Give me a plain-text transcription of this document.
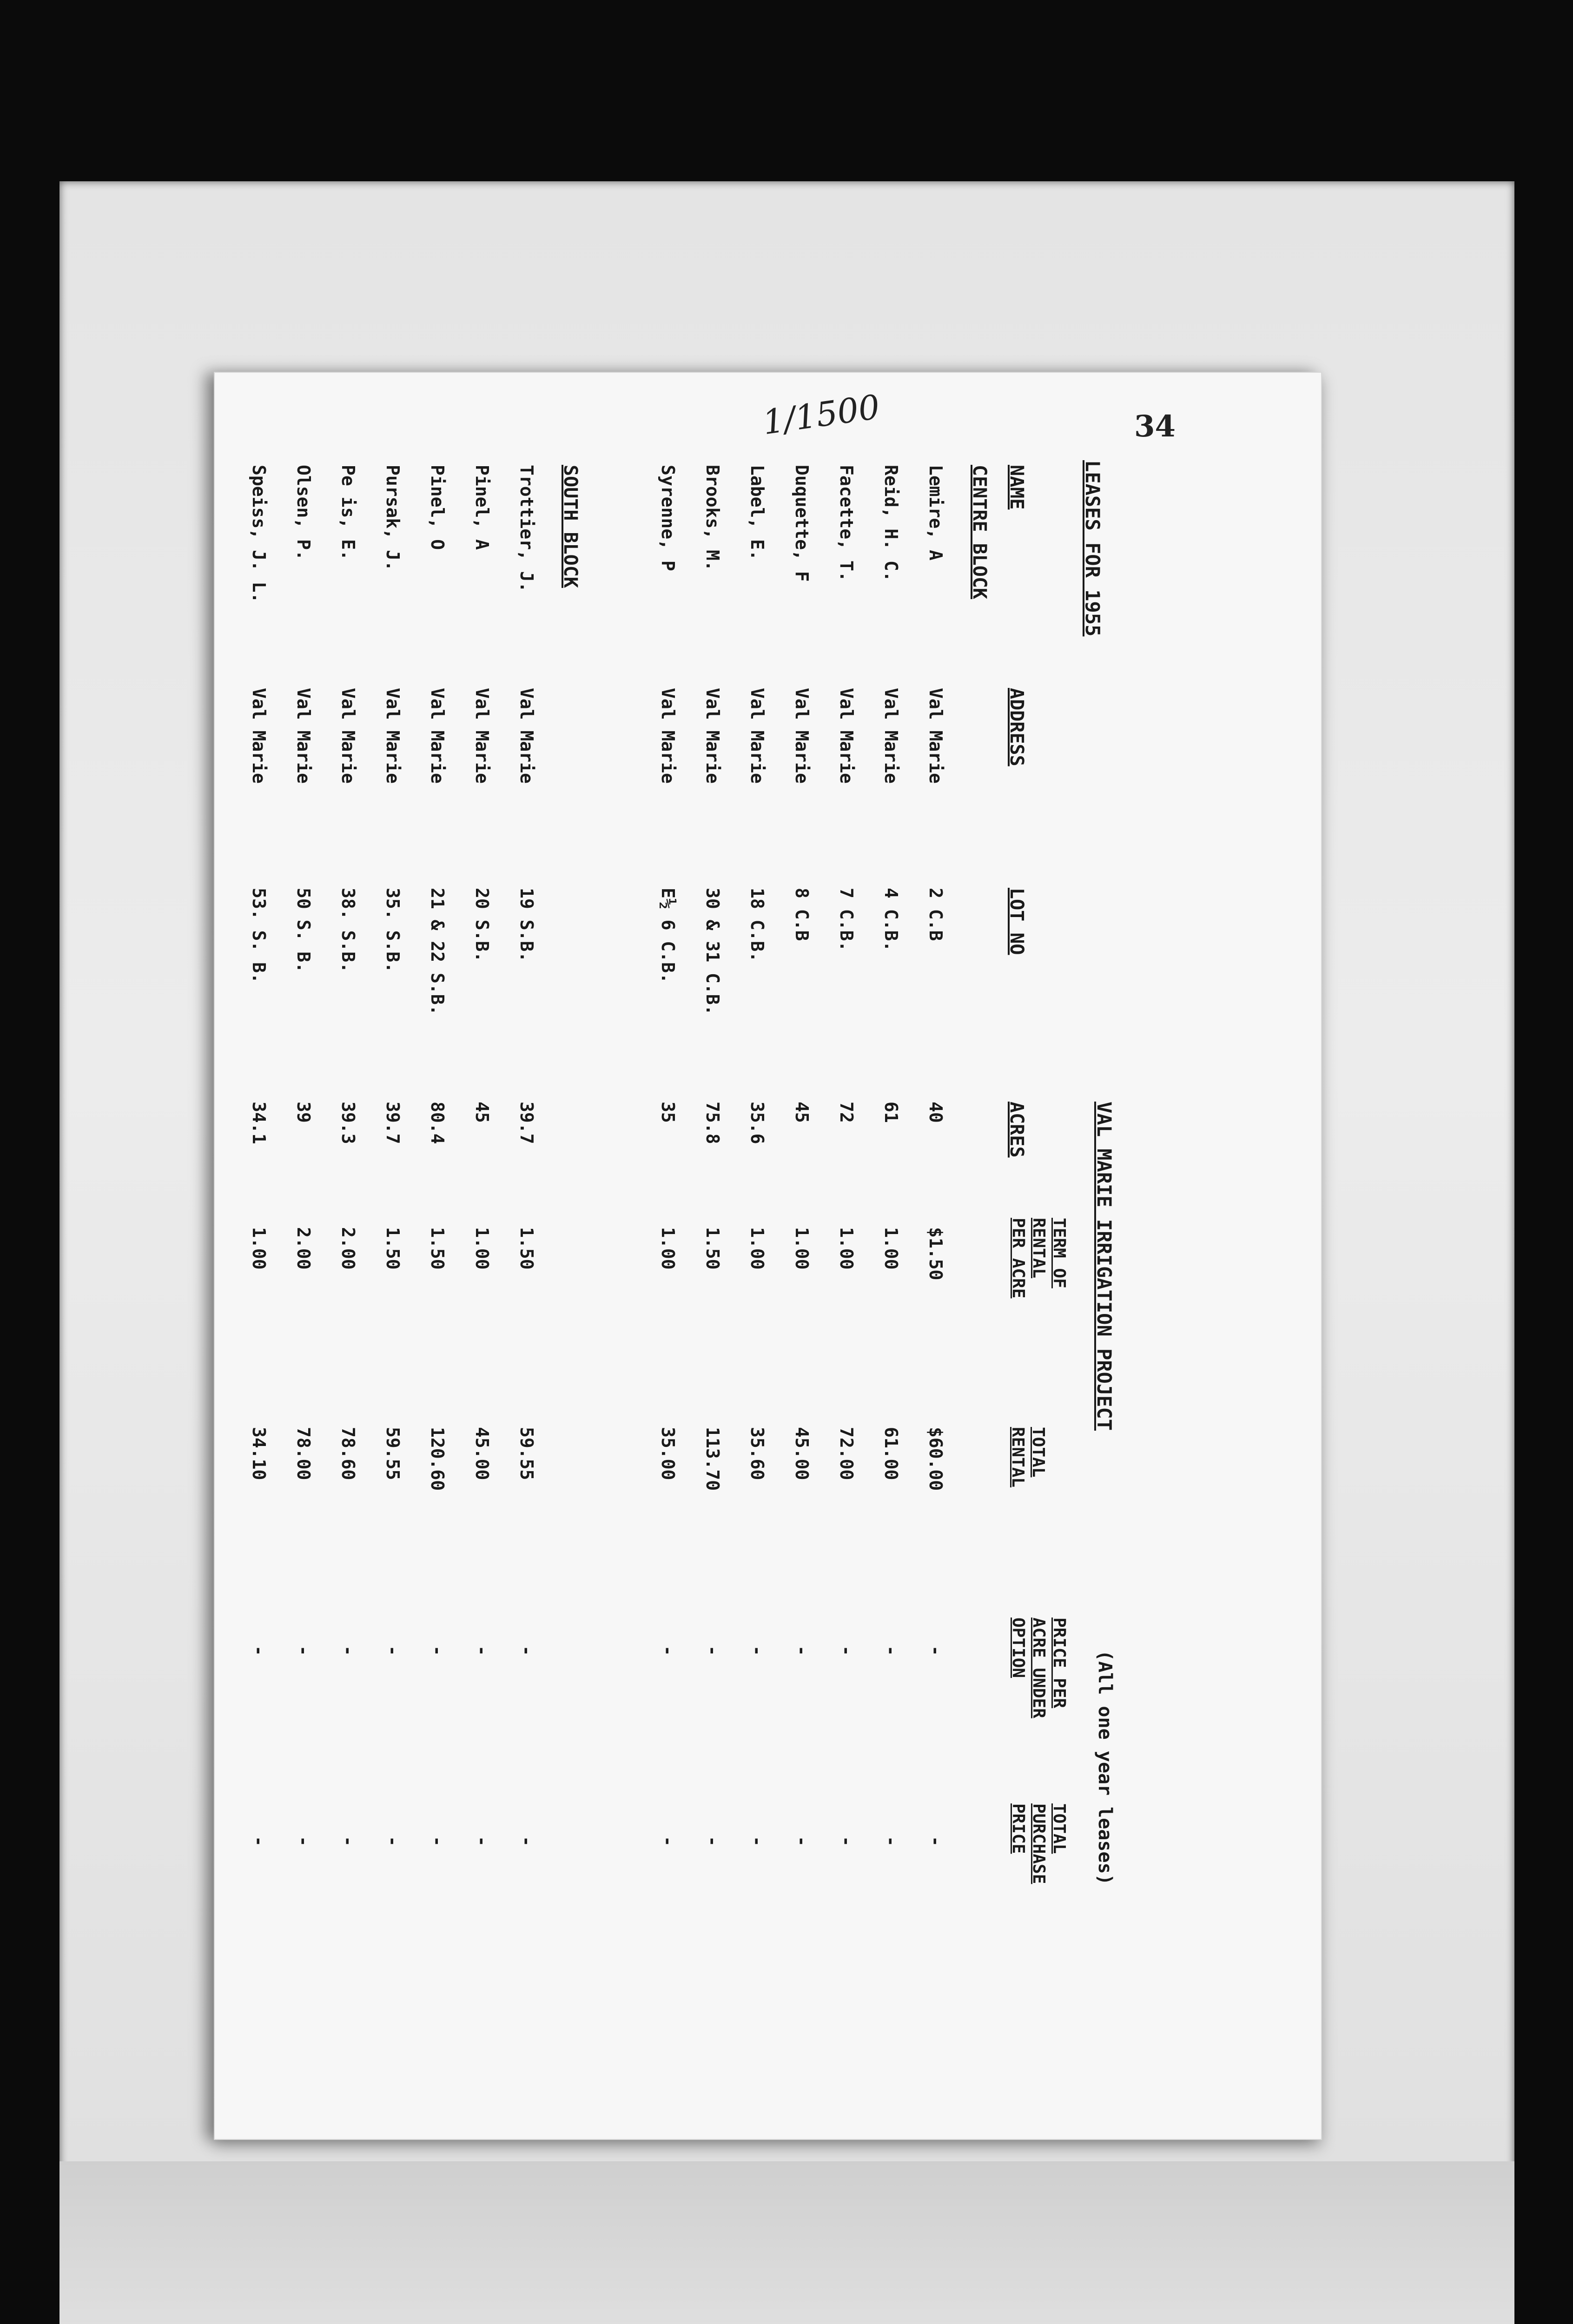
34
1/1500
LEASES FOR 1955
VAL MARIE IRRIGATION PROJECT
(All one year leases)
NAME
ADDRESS
LOT NO
ACRES
TERM OF
RENTAL
PER ACRE
TOTAL
RENTAL
PRICE PER
ACRE UNDER
OPTION
TOTAL
PURCHASE
PRICE
CENTRE BLOCK
Lemire, A
Val Marie
2 C.B
40
$1.50
$60.00
-
-
Reid, H. C.
Val Marie
4 C.B.
61
1.00
61.00
-
-
Facette, T.
Val Marie
7 C.B.
72
1.00
72.00
-
-
Duquette, F
Val Marie
8 C.B
45
1.00
45.00
-
-
Label, E.
Val Marie
18 C.B.
35.6
1.00
35.60
-
-
Brooks, M.
Val Marie
30 & 31 C.B.
75.8
1.50
113.70
-
-
Syrenne, P
Val Marie
E½ 6 C.B.
35
1.00
35.00
-
-
SOUTH BLOCK
Trottier, J.
Val Marie
19 S.B.
39.7
1.50
59.55
-
-
Pinel, A
Val Marie
20 S.B.
45
1.00
45.00
-
-
Pinel, O
Val Marie
21 & 22 S.B.
80.4
1.50
120.60
-
-
Pursak, J.
Val Marie
35. S.B.
39.7
1.50
59.55
-
-
Pe is, E.
Val Marie
38. S.B.
39.3
2.00
78.60
-
-
Olsen, P.
Val Marie
50 S. B.
39
2.00
78.00
-
-
Speiss, J. L.
Val Marie
53. S. B.
34.1
1.00
34.10
-
-
